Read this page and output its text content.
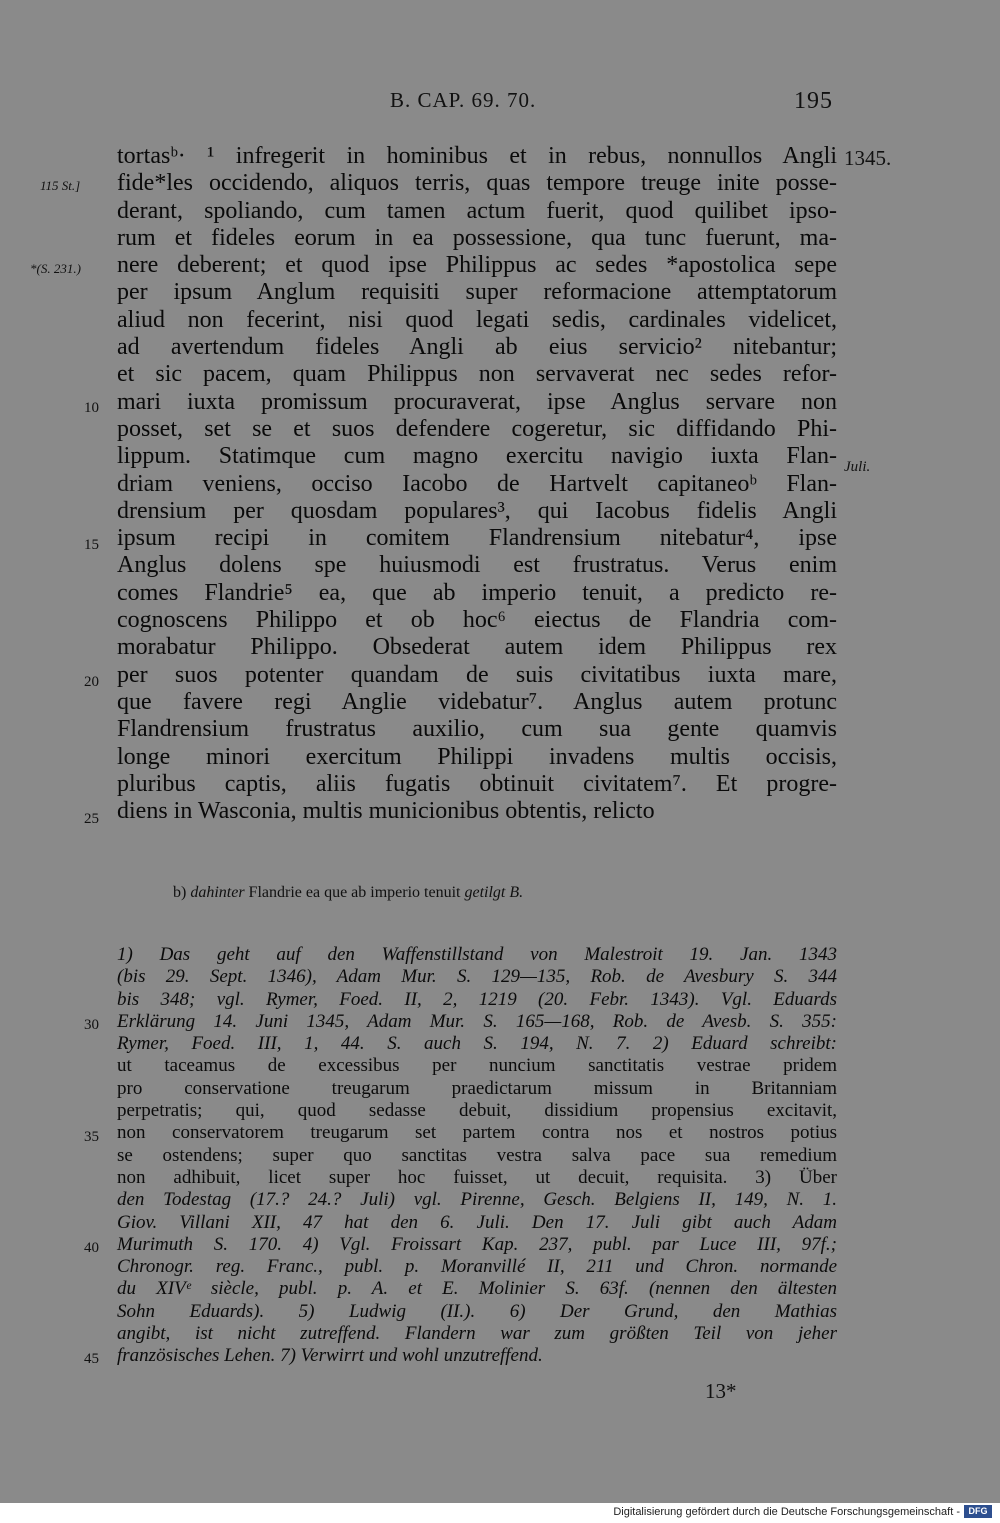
B. CAP. 69. 70.	195
115 St.]
*(S. 231.)
1345.
Juli.
10
15
20
25
tortasᵇ· ¹ infregerit in hominibus et in rebus, nonnullos Angli
fide*les occidendo, aliquos terris, quas tempore treuge inite posse-
derant, spoliando, cum tamen actum fuerit, quod quilibet ipso-
rum et fideles eorum in ea possessione, qua tunc fuerunt, ma-
nere deberent; et quod ipse Philippus ac sedes *apostolica sepe
per ipsum Anglum requisiti super reformacione attemptatorum
aliud non fecerint, nisi quod legati sedis, cardinales videlicet,
ad avertendum fideles Angli ab eius servicio² nitebantur;
et sic pacem, quam Philippus non servaverat nec sedes refor-
mari iuxta promissum procuraverat, ipse Anglus servare non
posset, set se et suos defendere cogeretur, sic diffidando Phi-
lippum. Statimque cum magno exercitu navigio iuxta Flan-
driam veniens, occiso Iacobo de Hartvelt capitaneoᵇ Flan-
drensium per quosdam populares³, qui Iacobus fidelis Angli
ipsum recipi in comitem Flandrensium nitebatur⁴, ipse
Anglus dolens spe huiusmodi est frustratus. Verus enim
comes Flandrie⁵ ea, que ab imperio tenuit, a predicto re-
cognoscens Philippo et ob hoc⁶ eiectus de Flandria com-
morabatur Philippo. Obsederat autem idem Philippus rex
per suos potenter quandam de suis civitatibus iuxta mare,
que favere regi Anglie videbatur⁷. Anglus autem protunc
Flandrensium frustratus auxilio, cum sua gente quamvis
longe minori exercitum Philippi invadens multis occisis,
pluribus captis, aliis fugatis obtinuit civitatem⁷. Et progre-
diens in Wasconia, multis municionibus obtentis, relicto
b) dahinter Flandrie ea que ab imperio tenuit getilgt B.
30
35
40
45
1) Das geht auf den Waffenstillstand von Malestroit 19. Jan. 1343
(bis 29. Sept. 1346), Adam Mur. S. 129—135, Rob. de Avesbury S. 344
bis 348; vgl. Rymer, Foed. II, 2, 1219 (20. Febr. 1343). Vgl. Eduards
Erklärung 14. Juni 1345, Adam Mur. S. 165—168, Rob. de Avesb. S. 355:
Rymer, Foed. III, 1, 44. S. auch S. 194, N. 7. 2) Eduard schreibt:
ut taceamus de excessibus per nuncium sanctitatis vestrae pridem
pro conservatione treugarum praedictarum missum in Britanniam
perpetratis; qui, quod sedasse debuit, dissidium propensius excitavit,
non conservatorem treugarum set partem contra nos et nostros potius
se ostendens; super quo sanctitas vestra salva pace sua remedium
non adhibuit, licet super hoc fuisset, ut decuit, requisita. 3) Über
den Todestag (17.? 24.? Juli) vgl. Pirenne, Gesch. Belgiens II, 149, N. 1.
Giov. Villani XII, 47 hat den 6. Juli. Den 17. Juli gibt auch Adam
Murimuth S. 170. 4) Vgl. Froissart Kap. 237, publ. par Luce III, 97f.;
Chronogr. reg. Franc., publ. p. Moranvillé II, 211 und Chron. normande
du XIVᵉ siècle, publ. p. A. et E. Molinier S. 63f. (nennen den ältesten
Sohn Eduards). 5) Ludwig (II.). 6) Der Grund, den Mathias
angibt, ist nicht zutreffend. Flandern war zum größten Teil von jeher
französisches Lehen. 7) Verwirrt und wohl unzutreffend.
13*
Digitalisierung gefördert durch die Deutsche Forschungsgemeinschaft - DFG
